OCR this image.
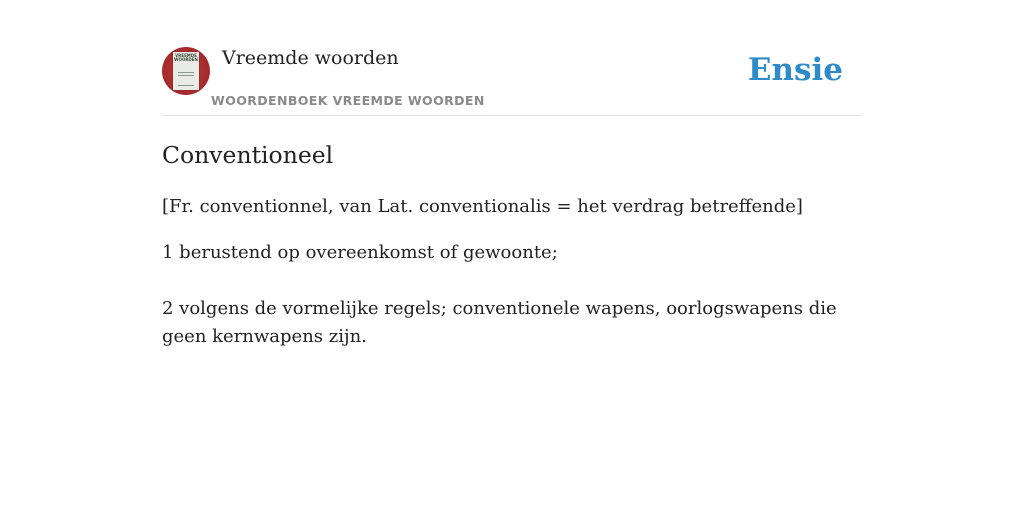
VREEMDE
WOORDEN Vreemde woorden
WOORDENBOEK VREEMDE WOORDEN
Ensie
Conventioneel
[Fr. conventionnel, van Lat. conventionalis = het verdrag betreffende]

1 berustend op overeenkomst of gewoonte;

2 volgens de vormelijke regels; conventionele wapens, oorlogswapens die geen kernwapens zijn.
